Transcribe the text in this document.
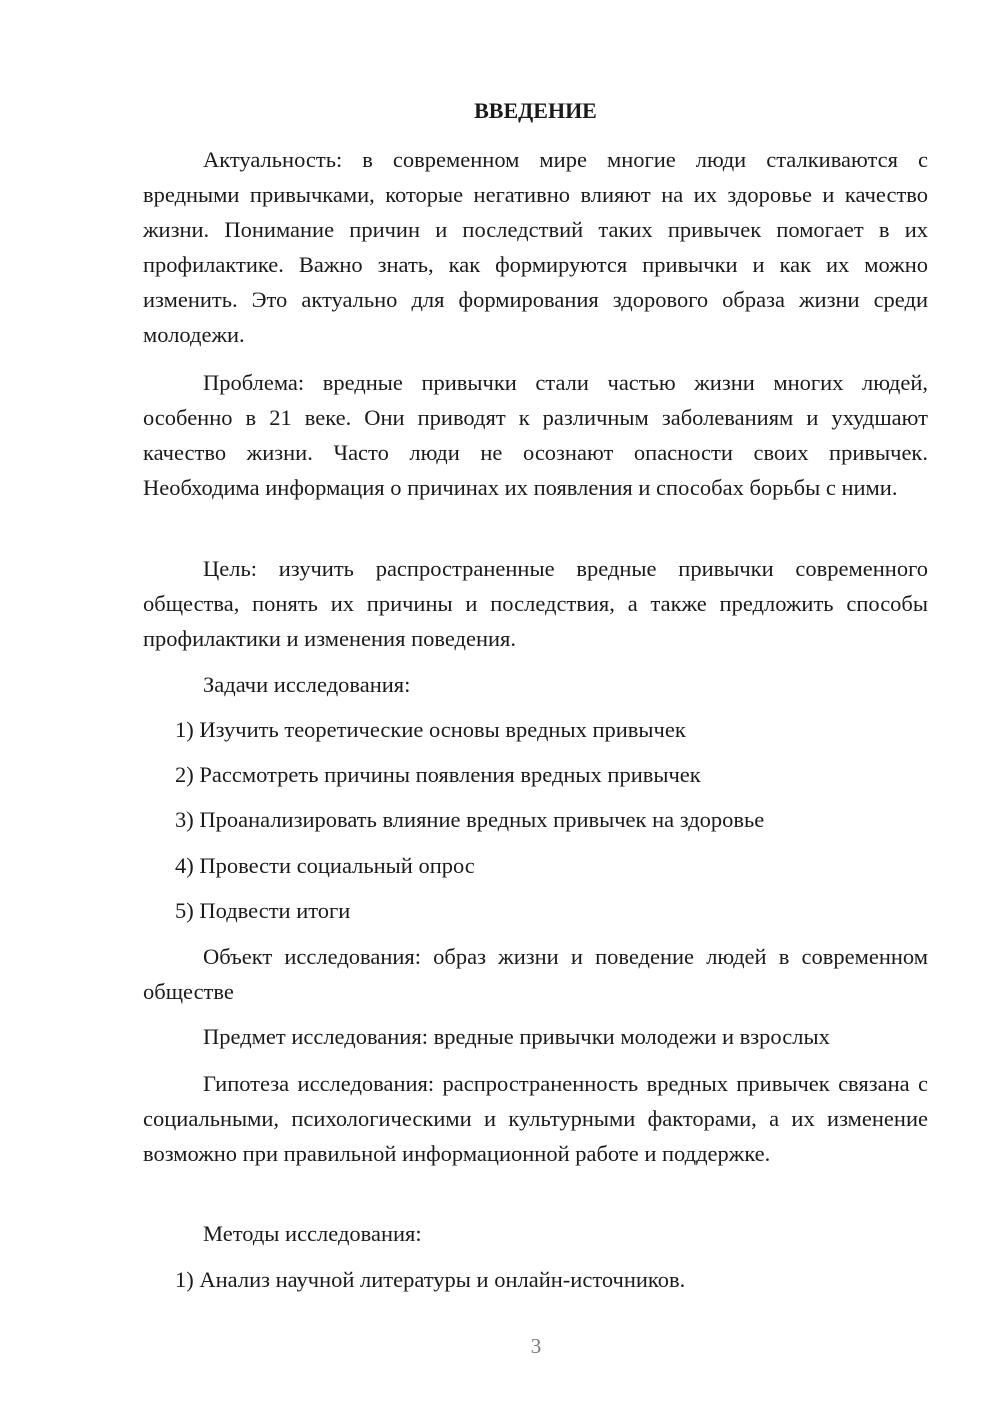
ВВЕДЕНИЕ

Актуальность: в современном мире многие люди сталкиваются с вредными привычками, которые негативно влияют на их здоровье и качество жизни. Понимание причин и последствий таких привычек помогает в их профилактике. Важно знать, как формируются привычки и как их можно изменить. Это актуально для формирования здорового образа жизни среди молодежи.

Проблема: вредные привычки стали частью жизни многих людей, особенно в 21 веке. Они приводят к различным заболеваниям и ухудшают качество жизни. Часто люди не осознают опасности своих привычек. Необходима информация о причинах их появления и способах борьбы с ними.

Цель: изучить распространенные вредные привычки современного общества, понять их причины и последствия, а также предложить способы профилактики и изменения поведения.

Задачи исследования:

1) Изучить теоретические основы вредных привычек
2) Рассмотреть причины появления вредных привычек
3) Проанализировать влияние вредных привычек на здоровье
4) Провести социальный опрос
5) Подвести итоги

Объект исследования: образ жизни и поведение людей в современном обществе

Предмет исследования: вредные привычки молодежи и взрослых

Гипотеза исследования: распространенность вредных привычек связана с социальными, психологическими и культурными факторами, а их изменение возможно при правильной информационной работе и поддержке.

Методы исследования:

1) Анализ научной литературы и онлайн-источников.
3
